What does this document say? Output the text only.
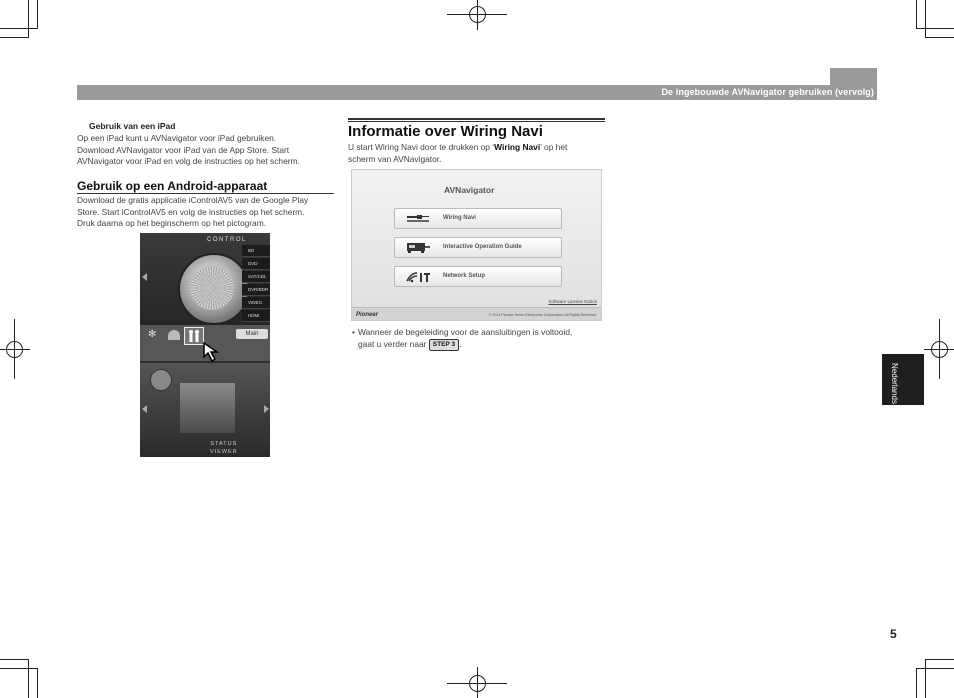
De ingebouwde AVNavigator gebruiken (vervolg)
Gebruik van een iPad
Op een iPad kunt u AVNavigator voor iPad gebruiken.
Download AVNavigator voor iPad van de App Store. Start
AVNavigator voor iPad en volg de instructies op het scherm.
Gebruik op een Android-apparaat
Download de gratis applicatie iControlAV5 van de Google Play
Store. Start iControlAV5 en volg de instructies op het scherm.
Druk daarna op het beginscherm op het pictogram.
CONTROL
BD
DVD
SAT/CBL
DVR/BDR
VIDEO
HDMI
✻	Main
STATUS
VIEWER
Informatie over Wiring Navi
U start Wiring Navi door te drukken op ‘Wiring Navi’ op het
scherm van AVNavigator.
AVNavigator
Wiring Navi
Interactive Operation Guide
Network Setup
Software License Notice
Pioneer	© 2014 Pioneer Home Electronics Corporation. All Rights Reserved.
• Wanneer de begeleiding voor de aansluitingen is voltooid,
gaat u verder naar STEP 3 .
Nederlands
5
